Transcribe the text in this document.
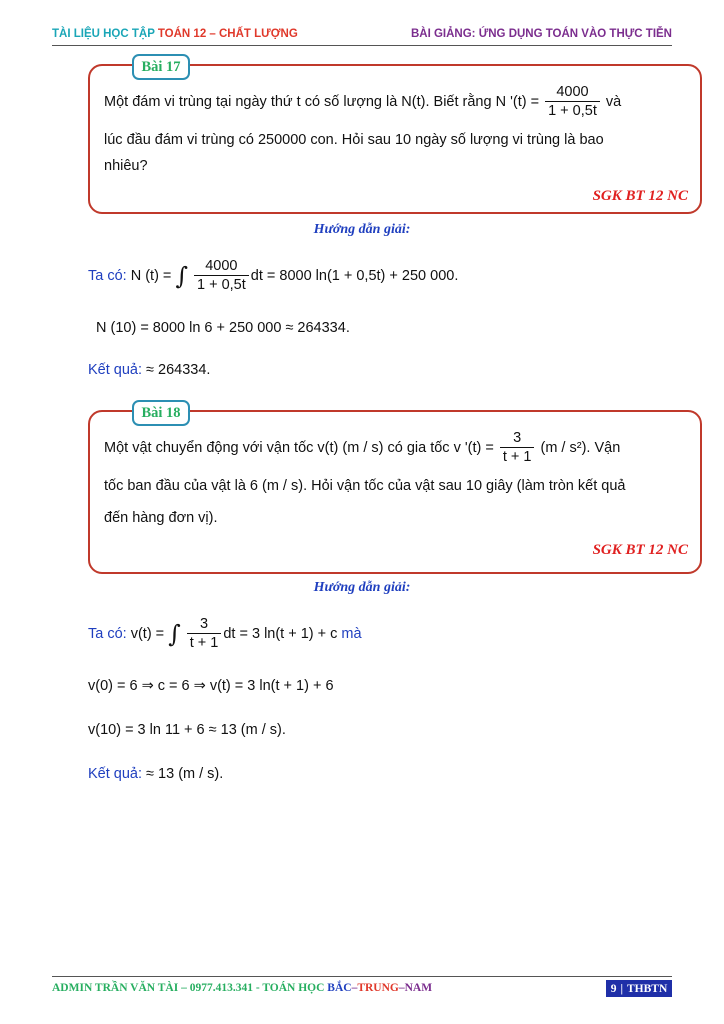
TÀI LIỆU HỌC TẬP TOÁN 12 – CHẤT LƯỢNG	BÀI GIẢNG: ỨNG DỤNG TOÁN VÀO THỰC TIỄN
Bài 17
Một đám vi trùng tại ngày thứ t có số lượng là N(t). Biết rằng N '$(t) = \frac{4000}{1 + 0,5t}$ và
lúc đầu đám vi trùng có 250000 con. Hỏi sau 10 ngày số lượng vi trùng là bao
nhiêu?
SGK BT 12 NC
Hướng dẫn giải:
Ta có: N (t) = ∫ $\frac{4000}{1 + 0,5t}$ dt = 8000 ln(1 + 0,5t) + 250 000.
N (10) = 8000 ln 6 + 250 000 ≈ 264334.
Kết quả: ≈ 264334.
Bài 18
Một vật chuyển động với vận tốc v(t) (m / s) có gia tốc v '$(t) = \frac{3}{t + 1} (m / s^2)$. Vận
tốc ban đầu của vật là 6 (m / s). Hỏi vận tốc của vật sau 10 giây (làm tròn kết quả
đến hàng đơn vị).
SGK BT 12 NC
Hướng dẫn giải:
Ta có: v(t) = ∫ $\frac{3}{t + 1}$ dt = 3 ln(t + 1) + c mà
v(0) = 6 ⇒ c = 6 ⇒ v(t) = 3 ln(t + 1) + 6
v(10) = 3 ln 11 + 6 ≈ 13 (m / s).
Kết quả: ≈ 13 (m / s).
ADMIN TRẦN VĂN TÀI – 0977.413.341 - TOÁN HỌC BẮC–TRUNG–NAM	9 | THBTN
